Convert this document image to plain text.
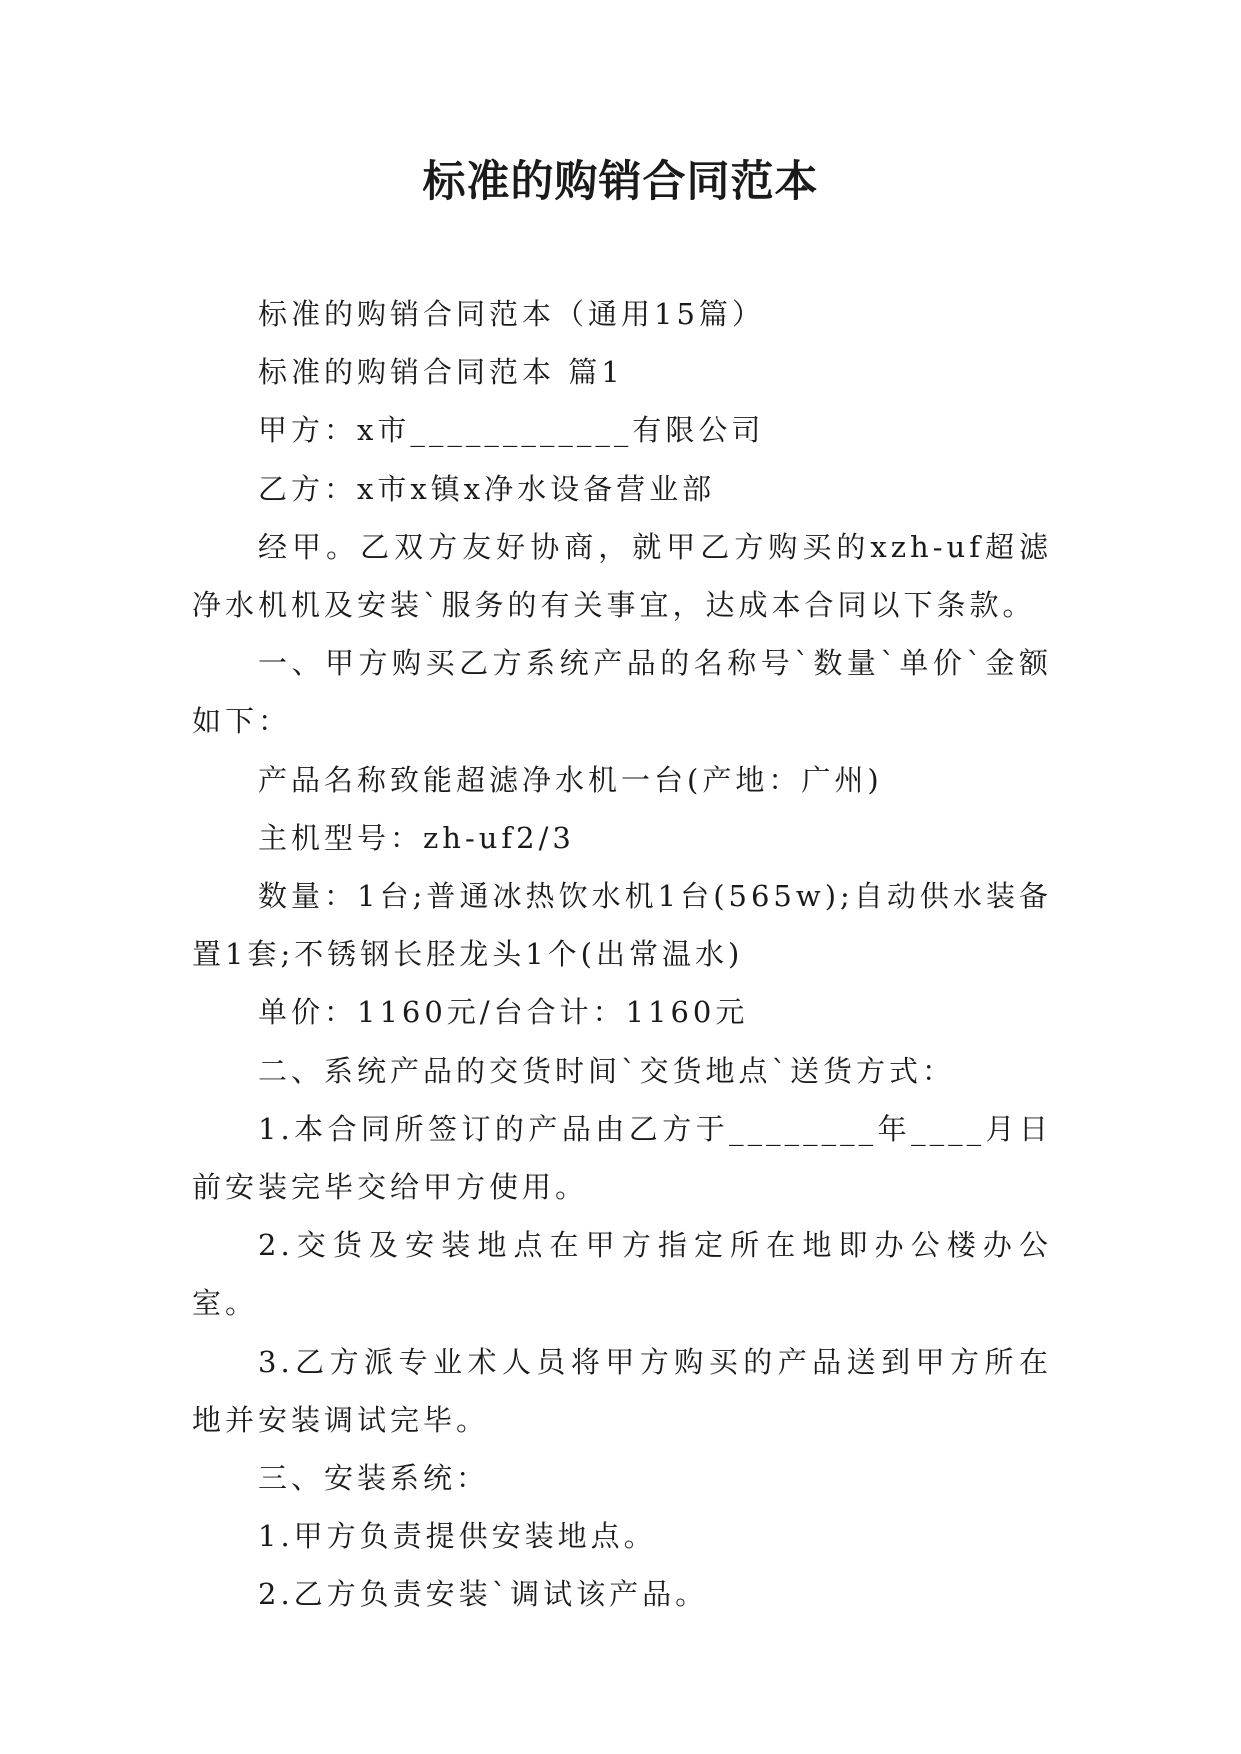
标准的购销合同范本

标准的购销合同范本（通用15篇）

标准的购销合同范本 篇1

甲方：x市____________有限公司

乙方：x市x镇x净水设备营业部

经甲。乙双方友好协商，就甲乙方购买的xzh-uf超滤净水机机及安装`服务的有关事宜，达成本合同以下条款。

一、甲方购买乙方系统产品的名称号`数量`单价`金额如下：

产品名称致能超滤净水机一台(产地：广州)

主机型号：zh-uf2/3

数量：1台;普通冰热饮水机1台(565w);自动供水装备置1套;不锈钢长胫龙头1个(出常温水)

单价：1160元/台合计：1160元

二、系统产品的交货时间`交货地点`送货方式：

1.本合同所签订的产品由乙方于________年____月日前安装完毕交给甲方使用。

2.交货及安装地点在甲方指定所在地即办公楼办公室。

3.乙方派专业术人员将甲方购买的产品送到甲方所在地并安装调试完毕。

三、安装系统：

1.甲方负责提供安装地点。

2.乙方负责安装`调试该产品。
